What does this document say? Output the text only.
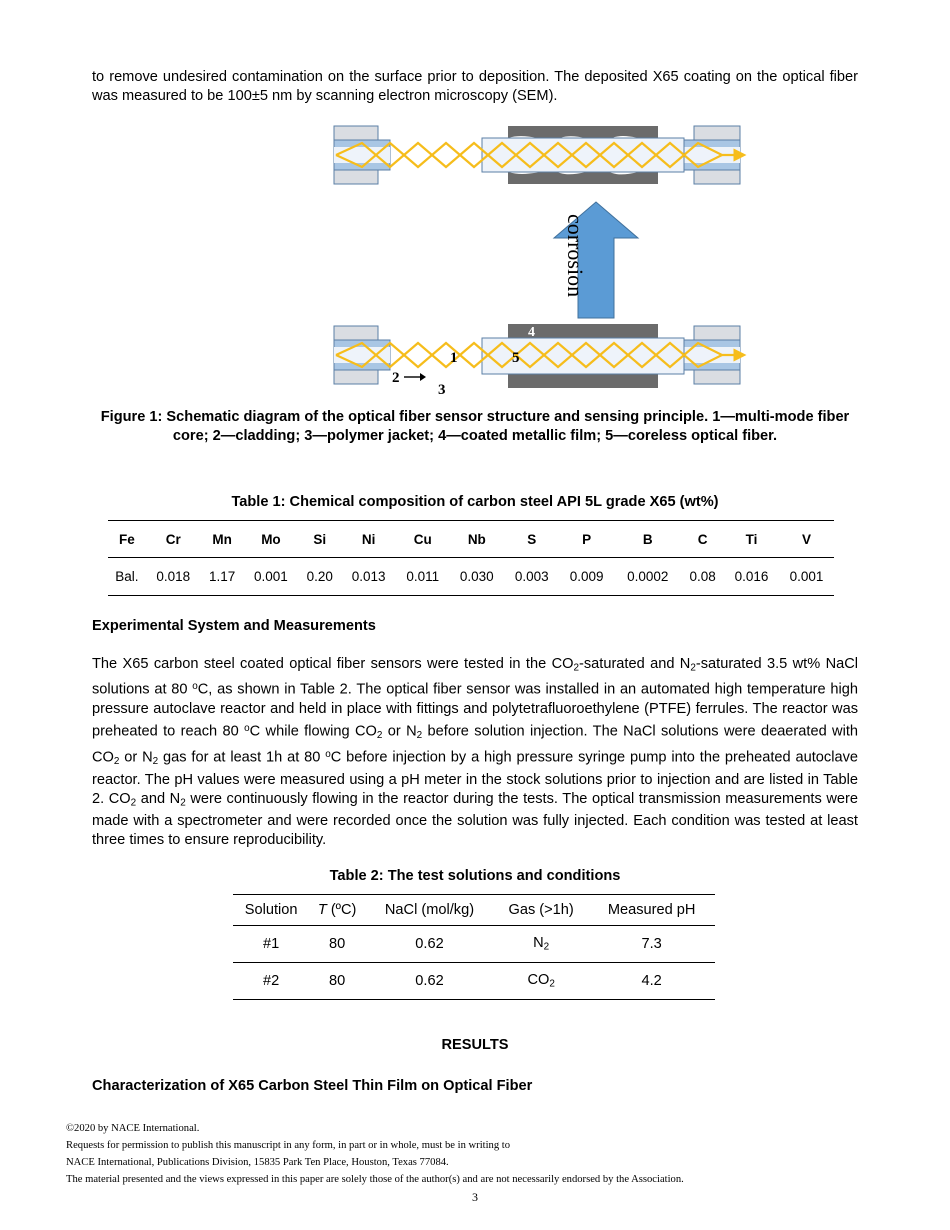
to remove undesired contamination on the surface prior to deposition. The deposited X65 coating on the optical fiber was measured to be 100±5 nm by scanning electron microscopy (SEM).

corrosion
4
1	5
2
3
Figure 1: Schematic diagram of the optical fiber sensor structure and sensing principle. 1—multi-mode fiber core; 2—cladding; 3—polymer jacket; 4—coated metallic film; 5—coreless optical fiber.
Table 1: Chemical composition of carbon steel API 5L grade X65 (wt%)
Fe	Cr	Mn	Mo	Si	Ni	Cu	Nb	S	P	B	C	Ti	V
Bal.	0.018	1.17	0.001	0.20	0.013	0.011	0.030	0.003	0.009	0.0002	0.08	0.016	0.001
Experimental System and Measurements

The X65 carbon steel coated optical fiber sensors were tested in the $CO_2$-saturated and $N_2$-saturated 3.5 wt% NaCl solutions at 80 $^o$C, as shown in Table 2. The optical fiber sensor was installed in an automated high temperature high pressure autoclave reactor and held in place with fittings and polytetrafluoroethylene (PTFE) ferrules. The reactor was preheated to reach 80 $^o$C while flowing $CO_2$ or $N_2$ before solution injection. The NaCl solutions were deaerated with $CO_2$ or $N_2$ gas for at least 1h at 80 $^o$C before injection by a high pressure syringe pump into the preheated autoclave reactor. The pH values were measured using a pH meter in the stock solutions prior to injection and are listed in Table 2. $CO_2$ and $N_2$ were continuously flowing in the reactor during the tests. The optical transmission measurements were made with a spectrometer and were recorded once the solution was fully injected. Each condition was tested at least three times to ensure reproducibility.

Table 2: The test solutions and conditions
Solution	T (ºC)	NaCl (mol/kg)	Gas (>1h)	Measured pH
#1	80	0.62	$N_2$	7.3
#2	80	0.62	$CO_2$	4.2
RESULTS
Characterization of X65 Carbon Steel Thin Film on Optical Fiber
©2020 by NACE International.
Requests for permission to publish this manuscript in any form, in part or in whole, must be in writing to
NACE International, Publications Division, 15835 Park Ten Place, Houston, Texas 77084.
The material presented and the views expressed in this paper are solely those of the author(s) and are not necessarily endorsed by the Association.
3
